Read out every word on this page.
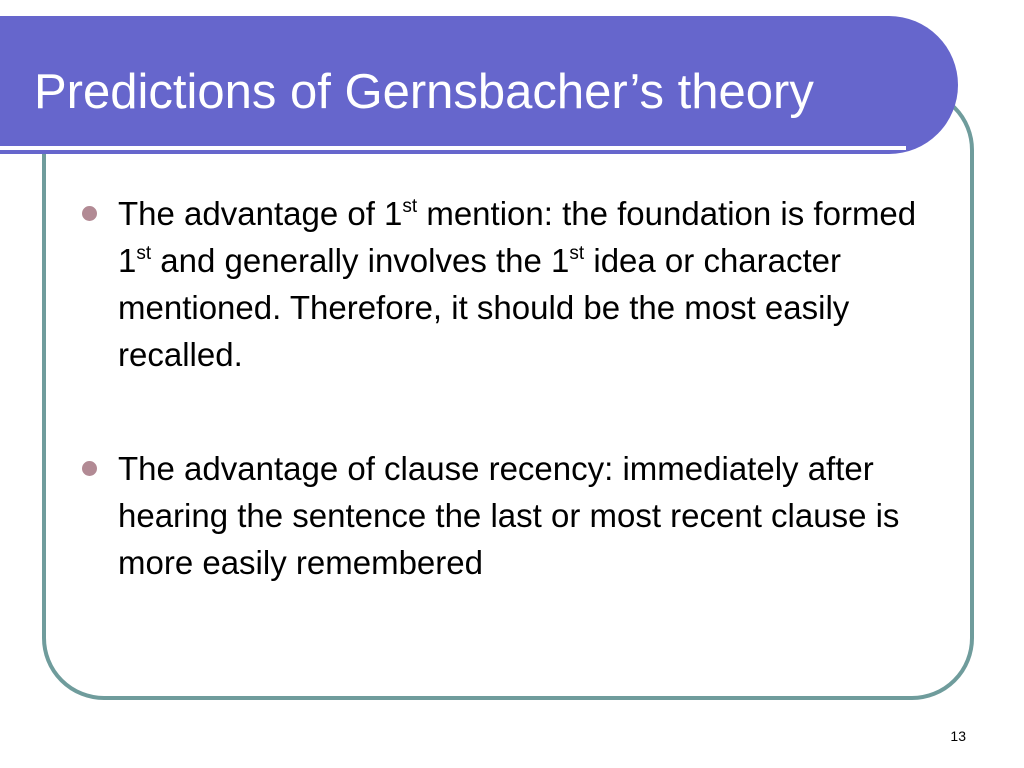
Predictions of Gernsbacher’s theory
The advantage of 1st mention: the foundation is formed 1st and generally involves the 1st idea or character mentioned. Therefore, it should be the most easily recalled.
The advantage of clause recency: immediately after hearing the sentence the last or most recent clause is more easily remembered
13
